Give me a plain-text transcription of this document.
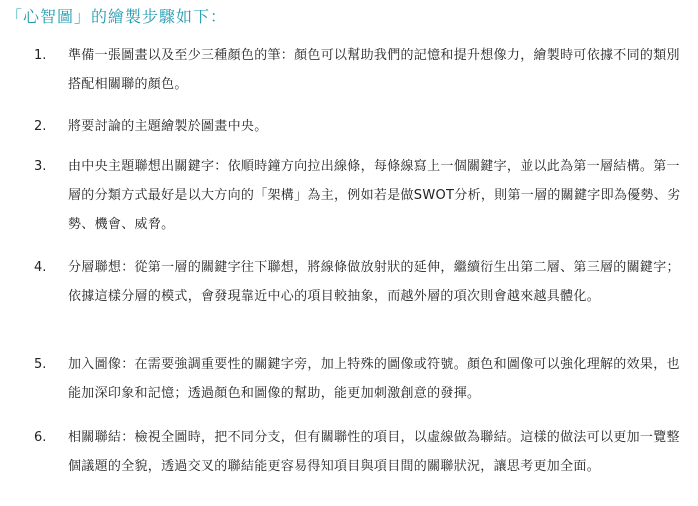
「心智圖」的繪製步驟如下：
1. 準備一張圖畫以及至少三種顏色的筆：顏色可以幫助我們的記憶和提升想像力，繪製時可依據不同的類別搭配相關聯的顏色。
2. 將要討論的主題繪製於圖畫中央。
3. 由中央主題聯想出關鍵字：依順時鐘方向拉出線條，每條線寫上一個關鍵字，並以此為第一層結構。第一層的分類方式最好是以大方向的「架構」為主，例如若是做SWOT分析，則第一層的關鍵字即為優勢、劣勢、機會、威脅。
4. 分層聯想：從第一層的關鍵字往下聯想，將線條做放射狀的延伸，繼續衍生出第二層、第三層的關鍵字；依據這樣分層的模式，會發現靠近中心的項目較抽象，而越外層的項次則會越來越具體化。
5. 加入圖像：在需要強調重要性的關鍵字旁，加上特殊的圖像或符號。顏色和圖像可以強化理解的效果，也能加深印象和記憶；透過顏色和圖像的幫助，能更加刺激創意的發揮。
6. 相關聯結：檢視全圖時，把不同分支，但有關聯性的項目，以虛線做為聯結。這樣的做法可以更加一覽整個議題的全貌，透過交叉的聯結能更容易得知項目與項目間的關聯狀況，讓思考更加全面。
